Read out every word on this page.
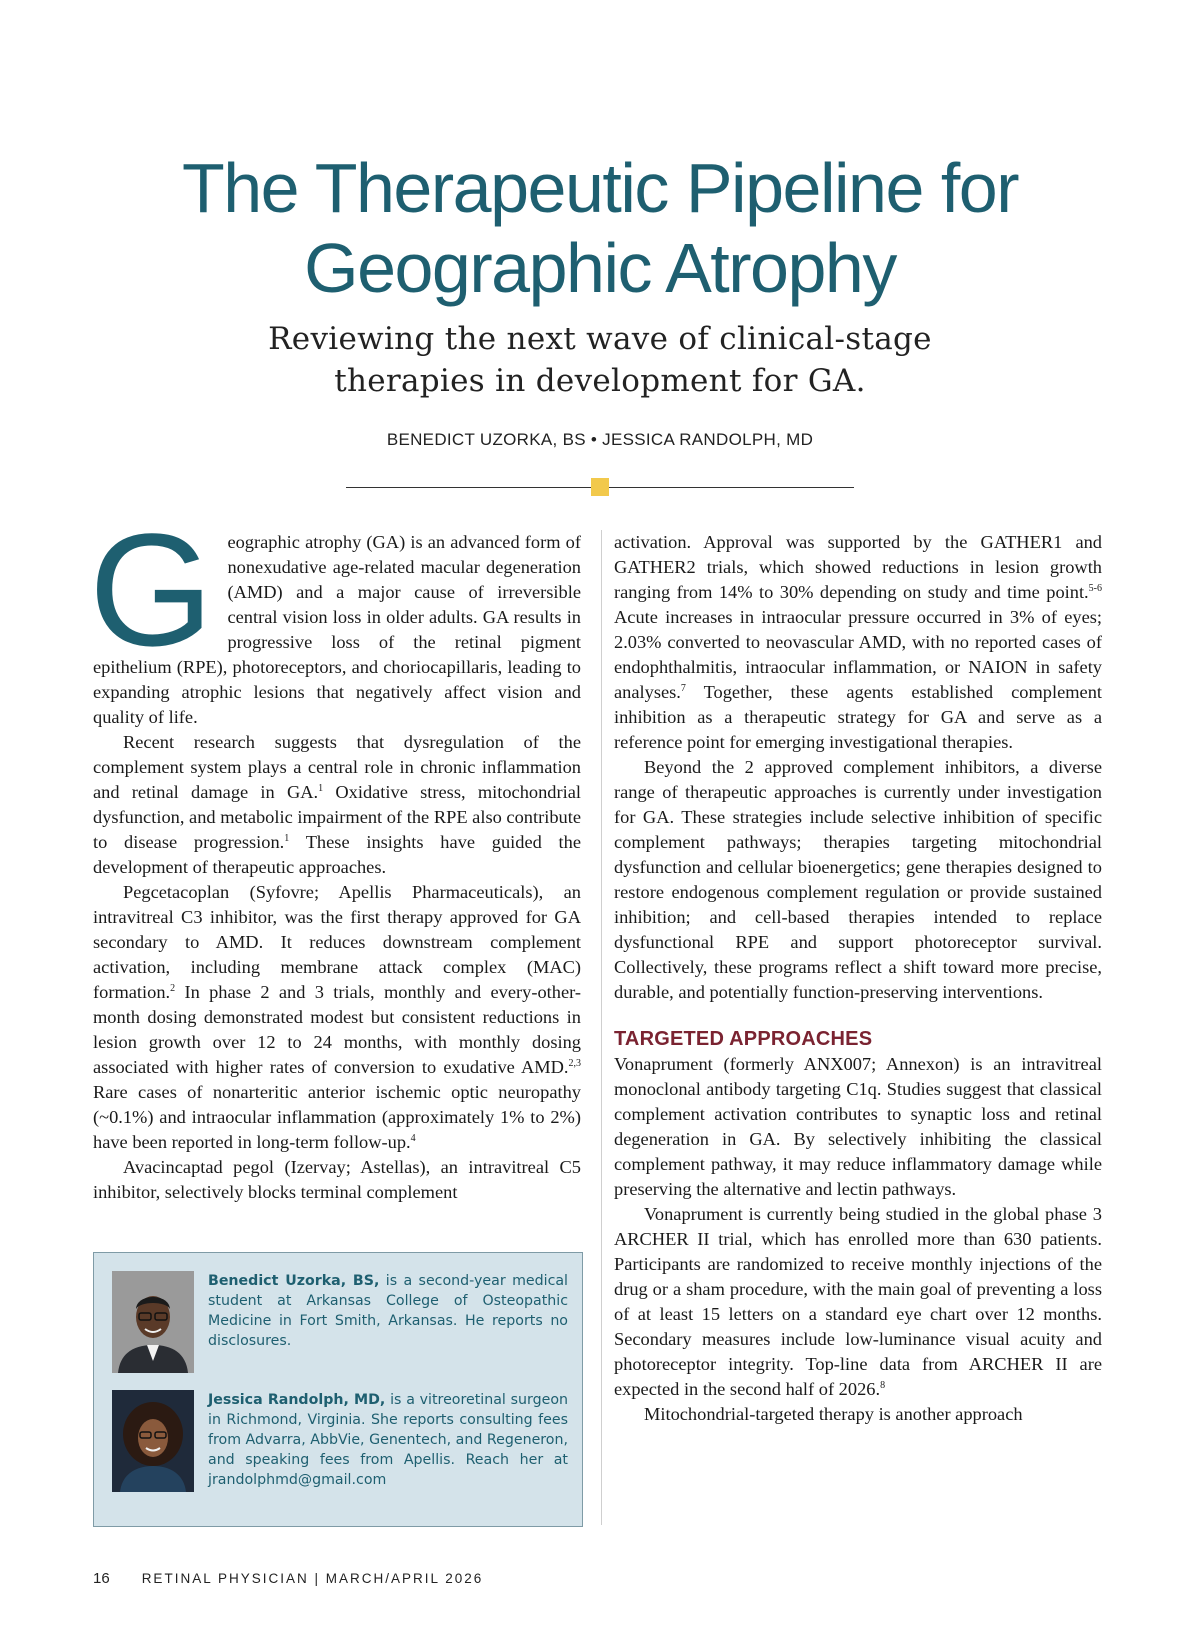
The Therapeutic Pipeline for
Geographic Atrophy
Reviewing the next wave of clinical-stage
therapies in development for GA.

BENEDICT UZORKA, BS • JESSICA RANDOLPH, MD

Geographic atrophy (GA) is an advanced form of nonexudative age-related macular degeneration (AMD) and a major cause of irreversible central vision loss in older adults. GA results in progressive loss of the retinal pigment epithelium (RPE), photoreceptors, and choriocapillaris, leading to expanding atrophic lesions that negatively affect vision and quality of life.

Recent research suggests that dysregulation of the complement system plays a central role in chronic inflammation and retinal damage in GA.$^1$ Oxidative stress, mitochondrial dysfunction, and metabolic impairment of the RPE also contribute to disease progression.$^1$ These insights have guided the development of therapeutic approaches.

Pegcetacoplan (Syfovre; Apellis Pharmaceuticals), an intravitreal C3 inhibitor, was the first therapy approved for GA secondary to AMD. It reduces downstream complement activation, including membrane attack complex (MAC) formation.$^2$ In phase 2 and 3 trials, monthly and every-other-month dosing demonstrated modest but consistent reductions in lesion growth over 12 to 24 months, with monthly dosing associated with higher rates of conversion to exudative AMD.$^{2,3}$ Rare cases of nonarteritic anterior ischemic optic neuropathy (~0.1%) and intraocular inflammation (approximately 1% to 2%) have been reported in long-term follow-up.$^4$

Avacincaptad pegol (Izervay; Astellas), an intravitreal C5 inhibitor, selectively blocks terminal complement

activation. Approval was supported by the GATHER1 and GATHER2 trials, which showed reductions in lesion growth ranging from 14% to 30% depending on study and time point.$^{5-6}$ Acute increases in intraocular pressure occurred in 3% of eyes; 2.03% converted to neovascular AMD, with no reported cases of endophthalmitis, intraocular inflammation, or NAION in safety analyses.$^7$ Together, these agents established complement inhibition as a therapeutic strategy for GA and serve as a reference point for emerging investigational therapies.

Beyond the 2 approved complement inhibitors, a diverse range of therapeutic approaches is currently under investigation for GA. These strategies include selective inhibition of specific complement pathways; therapies targeting mitochondrial dysfunction and cellular bioenergetics; gene therapies designed to restore endogenous complement regulation or provide sustained inhibition; and cell-based therapies intended to replace dysfunctional RPE and support photoreceptor survival. Collectively, these programs reflect a shift toward more precise, durable, and potentially function-preserving interventions.

TARGETED APPROACHES

Vonaprument (formerly ANX007; Annexon) is an intravitreal monoclonal antibody targeting C1q. Studies suggest that classical complement activation contributes to synaptic loss and retinal degeneration in GA. By selectively inhibiting the classical complement pathway, it may reduce inflammatory damage while preserving the alternative and lectin pathways.

Vonaprument is currently being studied in the global phase 3 ARCHER II trial, which has enrolled more than 630 patients. Participants are randomized to receive monthly injections of the drug or a sham procedure, with the main goal of preventing a loss of at least 15 letters on a standard eye chart over 12 months. Secondary measures include low-luminance visual acuity and photoreceptor integrity. Top-line data from ARCHER II are expected in the second half of 2026.$^8$

Mitochondrial-targeted therapy is another approach

Benedict Uzorka, BS, is a second-year medical student at Arkansas College of Osteopathic Medicine in Fort Smith, Arkansas. He reports no disclosures.
Jessica Randolph, MD, is a vitreoretinal surgeon in Richmond, Virginia. She reports consulting fees from Advarra, AbbVie, Genentech, and Regeneron, and speaking fees from Apellis. Reach her at jrandolphmd@gmail.com
16 RETINAL PHYSICIAN | MARCH/APRIL 2026
